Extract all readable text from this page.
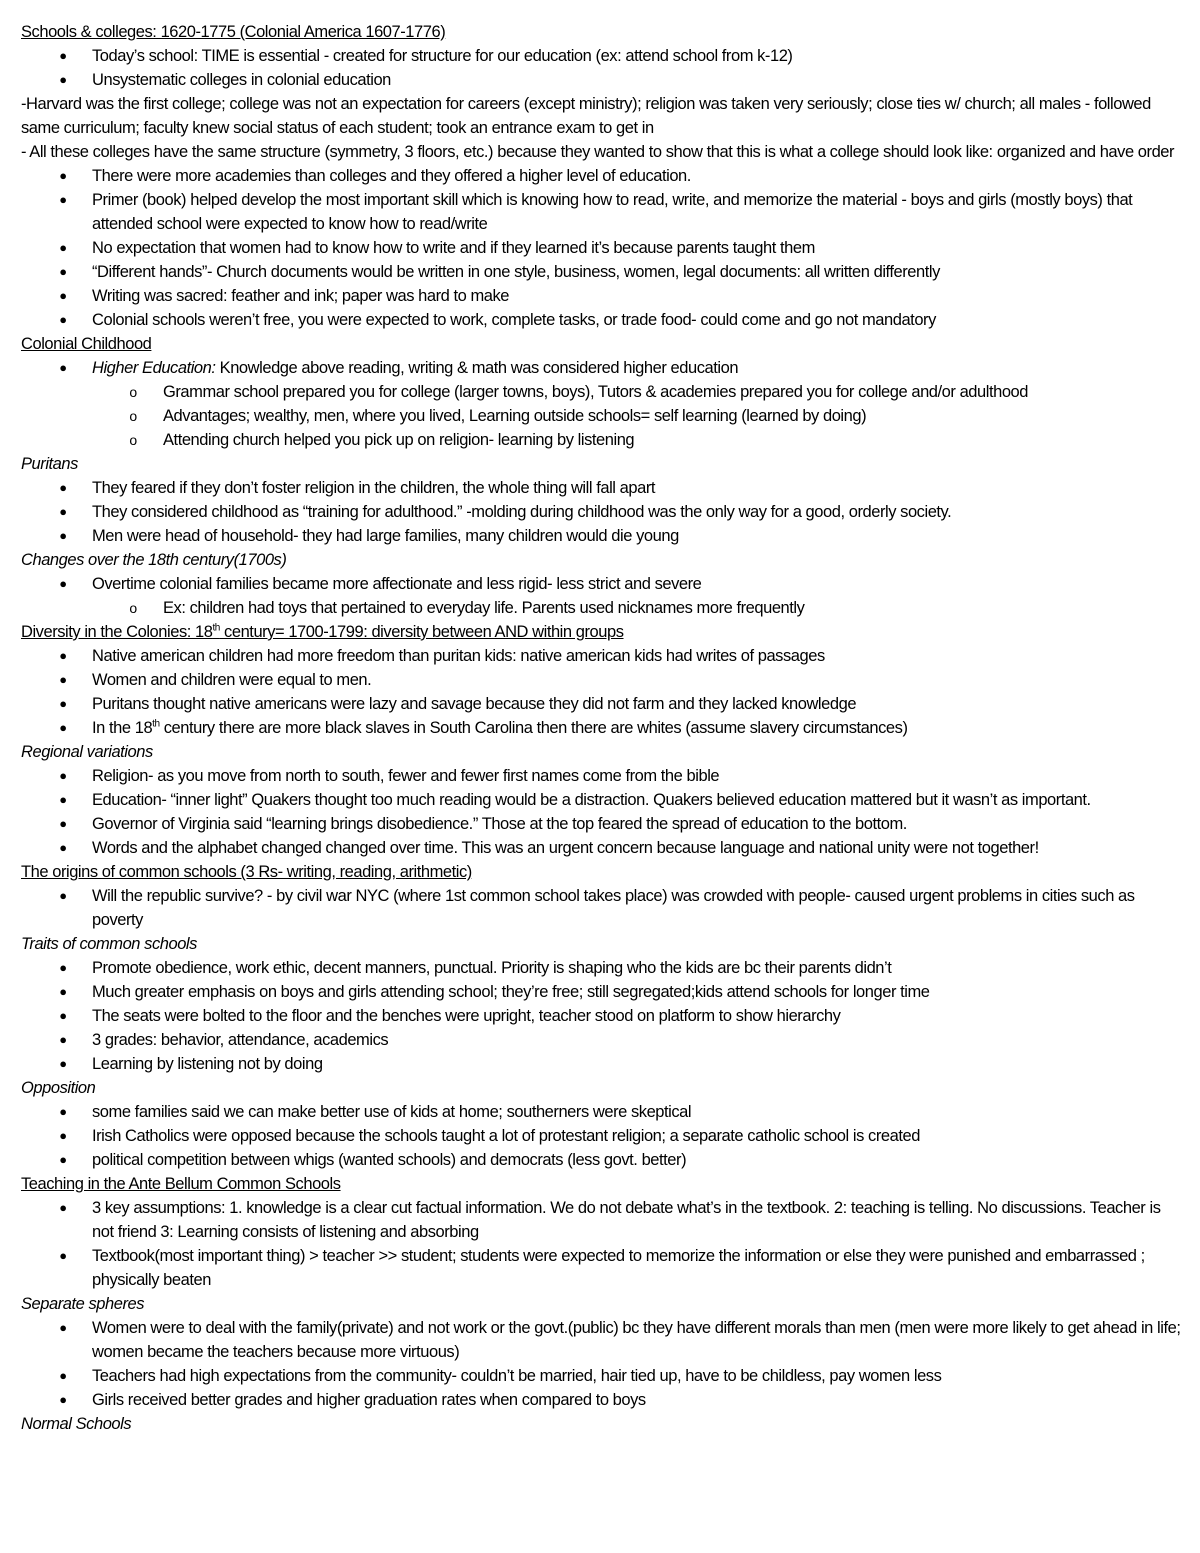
Schools & colleges: 1620-1775 (Colonial America 1607-1776)
● Today’s school: TIME is essential - created for structure for our education (ex: attend school from k-12)
● Unsystematic colleges in colonial education
-Harvard was the first college; college was not an expectation for careers (except ministry); religion was taken very seriously; close ties w/ church; all males - followed same curriculum; faculty knew social status of each student; took an entrance exam to get in
- All these colleges have the same structure (symmetry, 3 floors, etc.) because they wanted to show that this is what a college should look like: organized and have order
● There were more academies than colleges and they offered a higher level of education.
● Primer (book) helped develop the most important skill which is knowing how to read, write, and memorize the material - boys and girls (mostly boys) that attended school were expected to know how to read/write
● No expectation that women had to know how to write and if they learned it’s because parents taught them
● “Different hands”- Church documents would be written in one style, business, women, legal documents: all written differently
● Writing was sacred: feather and ink; paper was hard to make
● Colonial schools weren’t free, you were expected to work, complete tasks, or trade food- could come and go not mandatory
Colonial Childhood
● Higher Education: Knowledge above reading, writing & math was considered higher education
o Grammar school prepared you for college (larger towns, boys), Tutors & academies prepared you for college and/or adulthood
o Advantages; wealthy, men, where you lived, Learning outside schools= self learning (learned by doing)
o Attending church helped you pick up on religion- learning by listening
Puritans
● They feared if they don’t foster religion in the children, the whole thing will fall apart
● They considered childhood as “training for adulthood.” -molding during childhood was the only way for a good, orderly society.
● Men were head of household- they had large families, many children would die young
Changes over the 18th century(1700s)
● Overtime colonial families became more affectionate and less rigid- less strict and severe
o Ex: children had toys that pertained to everyday life. Parents used nicknames more frequently
Diversity in the Colonies: 18th century= 1700-1799: diversity between AND within groups
● Native american children had more freedom than puritan kids: native american kids had writes of passages
● Women and children were equal to men.
● Puritans thought native americans were lazy and savage because they did not farm and they lacked knowledge
● In the 18th century there are more black slaves in South Carolina then there are whites (assume slavery circumstances)
Regional variations
● Religion- as you move from north to south, fewer and fewer first names come from the bible
● Education- “inner light” Quakers thought too much reading would be a distraction. Quakers believed education mattered but it wasn’t as important.
● Governor of Virginia said “learning brings disobedience.” Those at the top feared the spread of education to the bottom.
● Words and the alphabet changed changed over time. This was an urgent concern because language and national unity were not together!
The origins of common schools (3 Rs- writing, reading, arithmetic)
● Will the republic survive? - by civil war NYC (where 1st common school takes place) was crowded with people- caused urgent problems in cities such as poverty
Traits of common schools
● Promote obedience, work ethic, decent manners, punctual. Priority is shaping who the kids are bc their parents didn’t
● Much greater emphasis on boys and girls attending school; they’re free; still segregated;kids attend schools for longer time
● The seats were bolted to the floor and the benches were upright, teacher stood on platform to show hierarchy
● 3 grades: behavior, attendance, academics
● Learning by listening not by doing
Opposition
● some families said we can make better use of kids at home; southerners were skeptical
● Irish Catholics were opposed because the schools taught a lot of protestant religion; a separate catholic school is created
● political competition between whigs (wanted schools) and democrats (less govt. better)
Teaching in the Ante Bellum Common Schools
● 3 key assumptions: 1. knowledge is a clear cut factual information. We do not debate what’s in the textbook. 2: teaching is telling. No discussions. Teacher is not friend 3: Learning consists of listening and absorbing
● Textbook(most important thing) > teacher >> student; students were expected to memorize the information or else they were punished and embarrassed ; physically beaten
Separate spheres
● Women were to deal with the family(private) and not work or the govt.(public) bc they have different morals than men (men were more likely to get ahead in life; women became the teachers because more virtuous)
● Teachers had high expectations from the community- couldn’t be married, hair tied up, have to be childless, pay women less
● Girls received better grades and higher graduation rates when compared to boys
Normal Schools
